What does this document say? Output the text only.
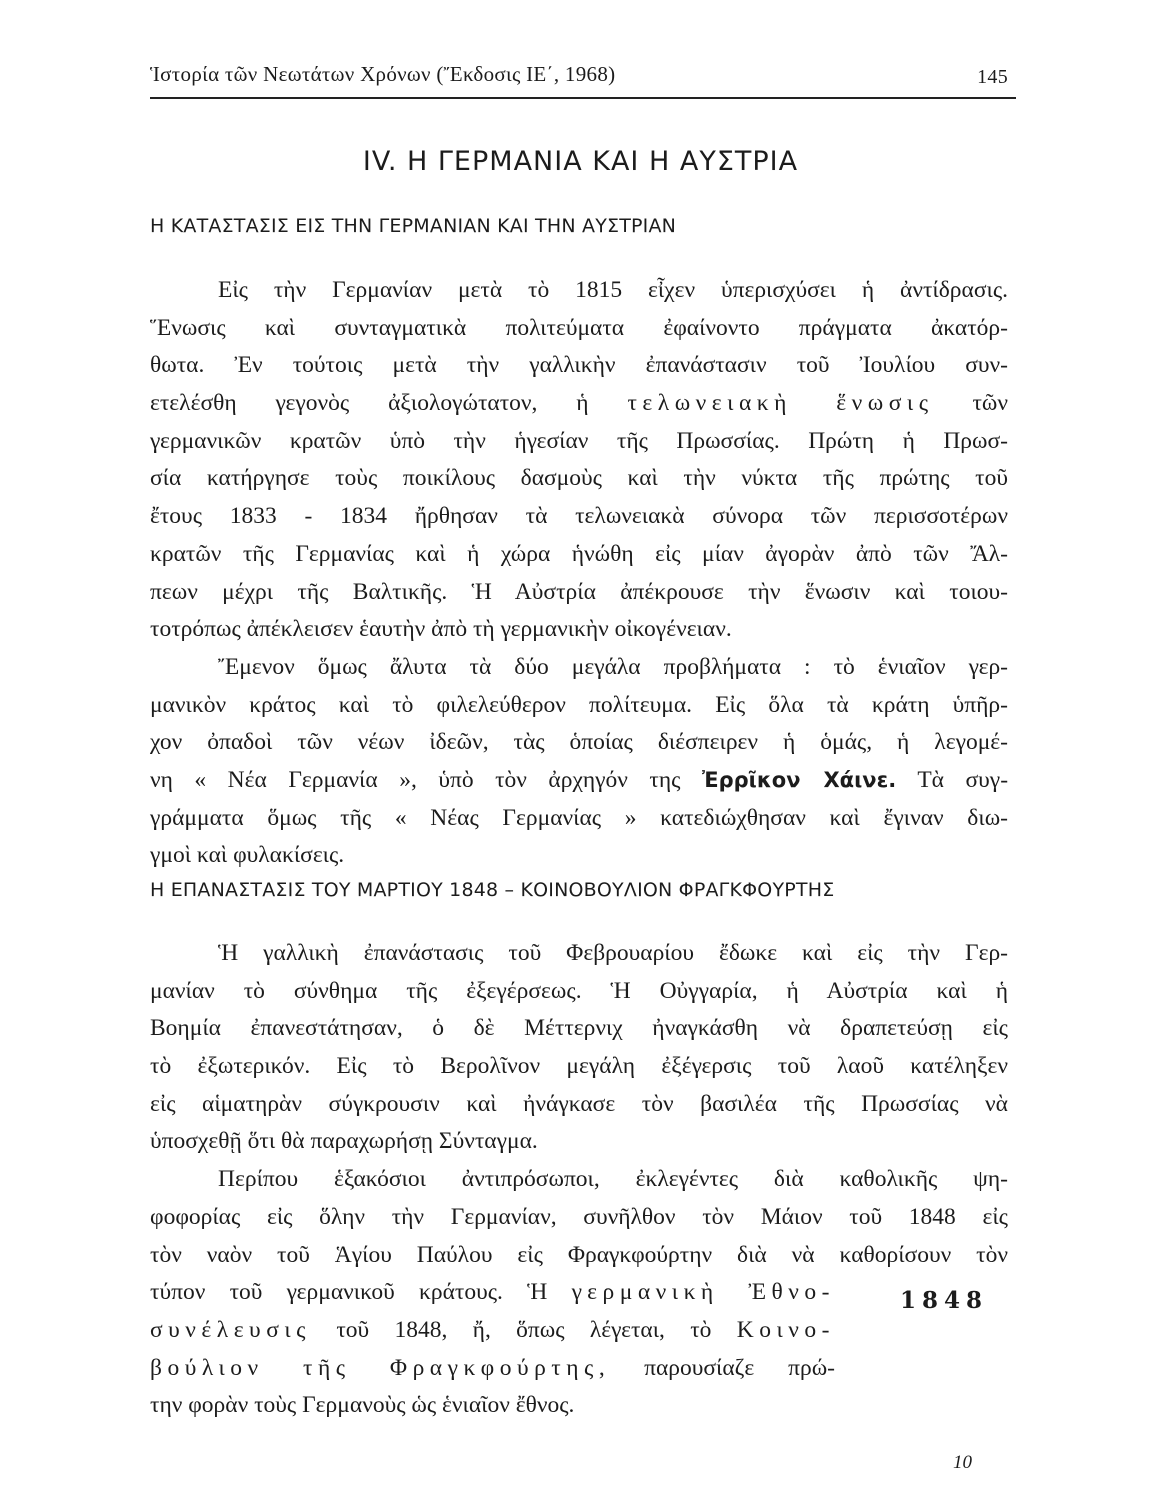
Ἱστορία τῶν Νεωτάτων Χρόνων (Ἔκδοσις ΙΕ΄, 1968)	145
IV. Η ΓΕΡΜΑΝΙΑ ΚΑΙ Η ΑΥΣΤΡΙΑ
Η ΚΑΤΑΣΤΑΣΙΣ ΕΙΣ ΤΗΝ ΓΕΡΜΑΝΙΑΝ ΚΑΙ ΤΗΝ ΑΥΣΤΡΙΑΝ
Εἰς τὴν Γερμανίαν μετὰ τὸ 1815 εἶχεν ὑπερισχύσει ἡ ἀντίδρασις.
Ἕνωσις καὶ συνταγματικὰ πολιτεύματα ἐφαίνοντο πράγματα ἀκατόρ-
θωτα. Ἐν τούτοις μετὰ τὴν γαλλικὴν ἐπανάστασιν τοῦ Ἰουλίου συν-
ετελέσθη γεγονὸς ἀξιολογώτατον, ἡ τελωνειακὴ ἕνωσις τῶν
γερμανικῶν κρατῶν ὑπὸ τὴν ἡγεσίαν τῆς Πρωσσίας. Πρώτη ἡ Πρωσ-
σία κατήργησε τοὺς ποικίλους δασμοὺς καὶ τὴν νύκτα τῆς πρώτης τοῦ
ἔτους 1833 - 1834 ἤρθησαν τὰ τελωνειακὰ σύνορα τῶν περισσοτέρων
κρατῶν τῆς Γερμανίας καὶ ἡ χώρα ἡνώθη εἰς μίαν ἀγορὰν ἀπὸ τῶν Ἄλ-
πεων μέχρι τῆς Βαλτικῆς. Ἡ Αὐστρία ἀπέκρουσε τὴν ἕνωσιν καὶ τοιου-
τοτρόπως ἀπέκλεισεν ἑαυτὴν ἀπὸ τὴ γερμανικὴν οἰκογένειαν.
Ἔμενον ὅμως ἄλυτα τὰ δύο μεγάλα προβλήματα : τὸ ἑνιαῖον γερ-
μανικὸν κράτος καὶ τὸ φιλελεύθερον πολίτευμα. Εἰς ὅλα τὰ κράτη ὑπῆρ-
χον ὀπαδοὶ τῶν νέων ἰδεῶν, τὰς ὁποίας διέσπειρεν ἡ ὁμάς, ἡ λεγομέ-
νη « Νέα Γερμανία », ὑπὸ τὸν ἀρχηγόν της Ἐρρῖκον Χάινε. Τὰ συγ-
γράμματα ὅμως τῆς « Νέας Γερμανίας » κατεδιώχθησαν καὶ ἔγιναν διω-
γμοὶ καὶ φυλακίσεις.
Η ΕΠΑΝΑΣΤΑΣΙΣ ΤΟΥ ΜΑΡΤΙΟΥ 1848 – ΚΟΙΝΟΒΟΥΛΙΟΝ ΦΡΑΓΚΦΟΥΡΤΗΣ
Ἡ γαλλικὴ ἐπανάστασις τοῦ Φεβρουαρίου ἔδωκε καὶ εἰς τὴν Γερ-
μανίαν τὸ σύνθημα τῆς ἐξεγέρσεως. Ἡ Οὐγγαρία, ἡ Αὐστρία καὶ ἡ
Βοημία ἐπανεστάτησαν, ὁ δὲ Μέττερνιχ ἠναγκάσθη νὰ δραπετεύσῃ εἰς
τὸ ἐξωτερικόν. Εἰς τὸ Βερολῖνον μεγάλη ἐξέγερσις τοῦ λαοῦ κατέληξεν
εἰς αἱματηρὰν σύγκρουσιν καὶ ἠνάγκασε τὸν βασιλέα τῆς Πρωσσίας νὰ
ὑποσχεθῇ ὅτι θὰ παραχωρήσῃ Σύνταγμα.
Περίπου ἑξακόσιοι ἀντιπρόσωποι, ἐκλεγέντες διὰ καθολικῆς ψη-
φοφορίας εἰς ὅλην τὴν Γερμανίαν, συνῆλθον τὸν Μάιον τοῦ 1848 εἰς
τὸν ναὸν τοῦ Ἁγίου Παύλου εἰς Φραγκφούρτην διὰ νὰ καθορίσουν τὸν
τύπον τοῦ γερμανικοῦ κράτους. Ἡ γερμανικὴ Ἐθνο-
συνέλευσις τοῦ 1848, ἤ, ὅπως λέγεται, τὸ Κοινο-
βούλιον τῆς Φραγκφούρτης, παρουσίαζε πρώ-
την φορὰν τοὺς Γερμανοὺς ὡς ἑνιαῖον ἔθνος.
1848
10
